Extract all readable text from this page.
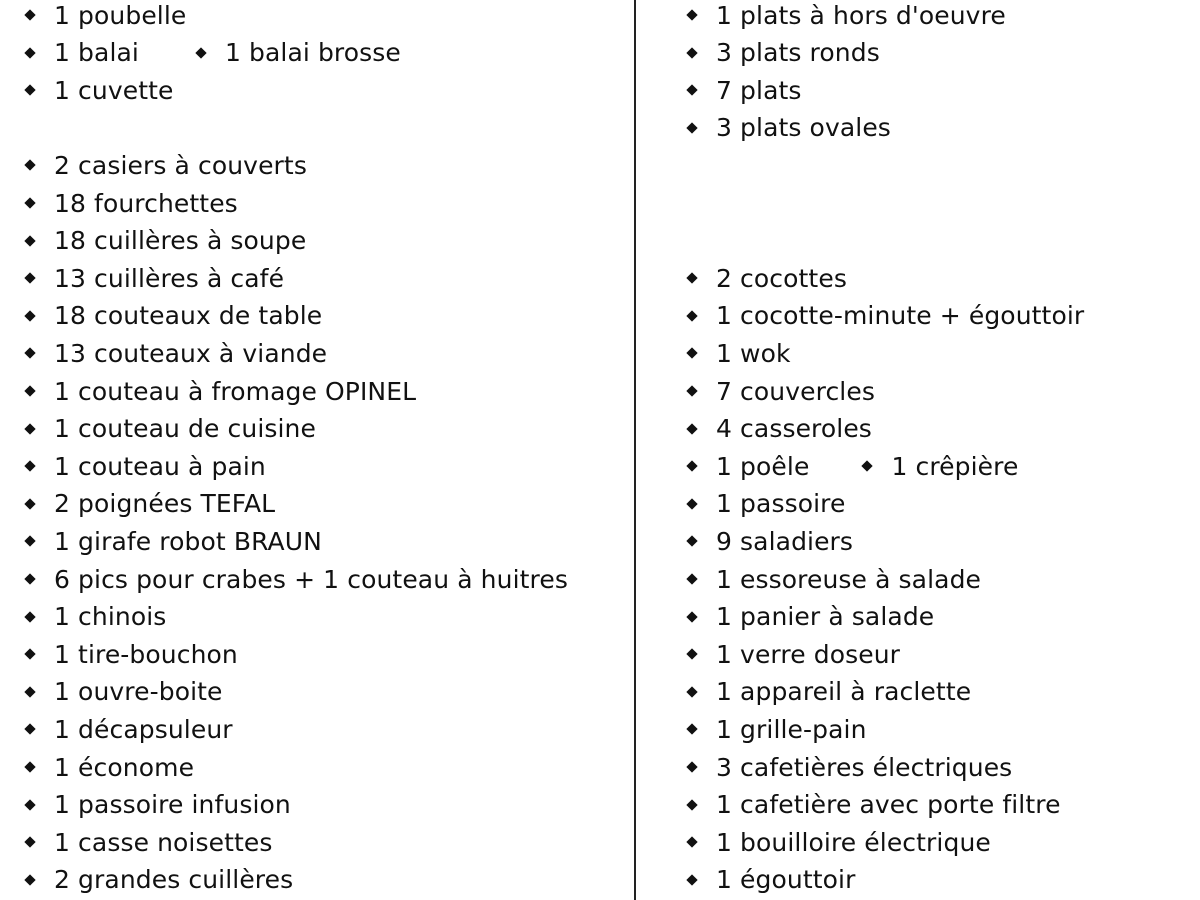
1 poubelle
1 balai	1 balai brosse
1 cuvette
2 casiers à couverts
18 fourchettes
18 cuillères à soupe
13 cuillères à café
18 couteaux de table
13 couteaux à viande
1 couteau à fromage OPINEL
1 couteau de cuisine
1 couteau à pain
2 poignées TEFAL
1 girafe robot BRAUN
6 pics pour crabes + 1 couteau à huitres
1 chinois
1 tire-bouchon
1 ouvre-boite
1 décapsuleur
1 économe
1 passoire infusion
1 casse noisettes
2 grandes cuillères
1 plats à hors d'oeuvre
3 plats ronds
7 plats
3 plats ovales
2 cocottes
1 cocotte-minute + égouttoir
1 wok
7 couvercles
4 casseroles
1 poêle	1 crêpière
1 passoire
9 saladiers
1 essoreuse à salade
1 panier à salade
1 verre doseur
1 appareil à raclette
1 grille-pain
3 cafetières électriques
1 cafetière avec porte filtre
1 bouilloire électrique
1 égouttoir
